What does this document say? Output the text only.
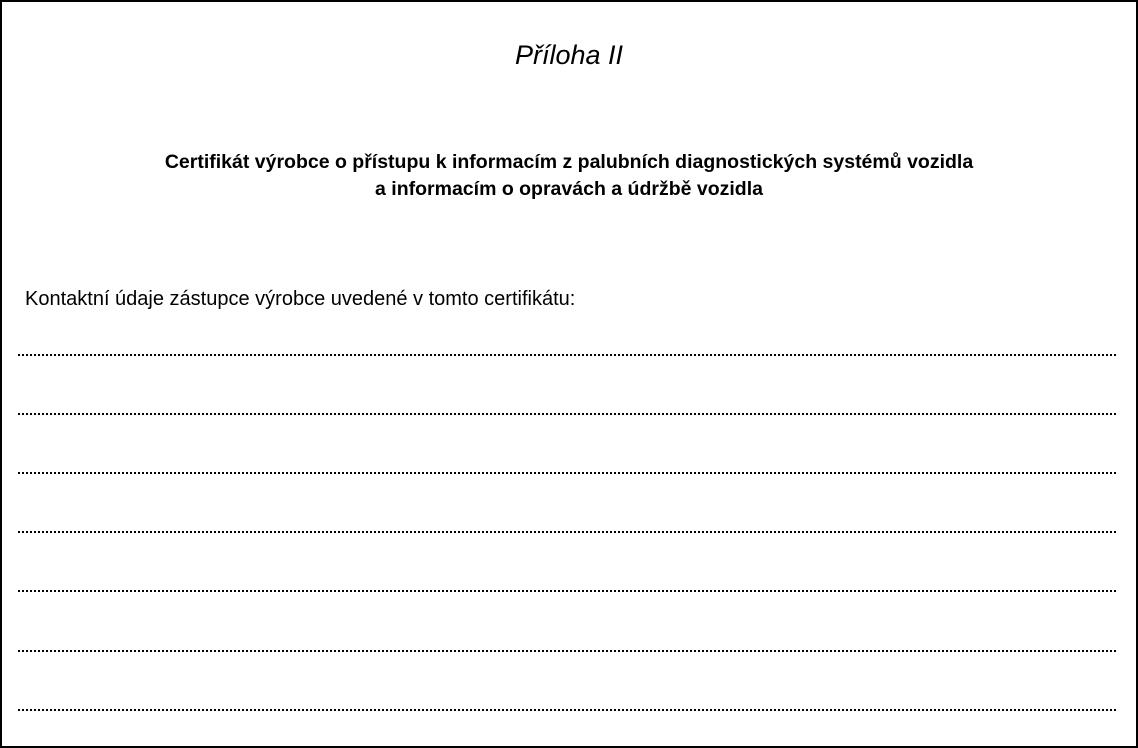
Příloha II
Certifikát výrobce o přístupu k informacím z palubních diagnostických systémů vozidla
a informacím o opravách a údržbě vozidla

Kontaktní údaje zástupce výrobce uvedené v tomto certifikátu:
